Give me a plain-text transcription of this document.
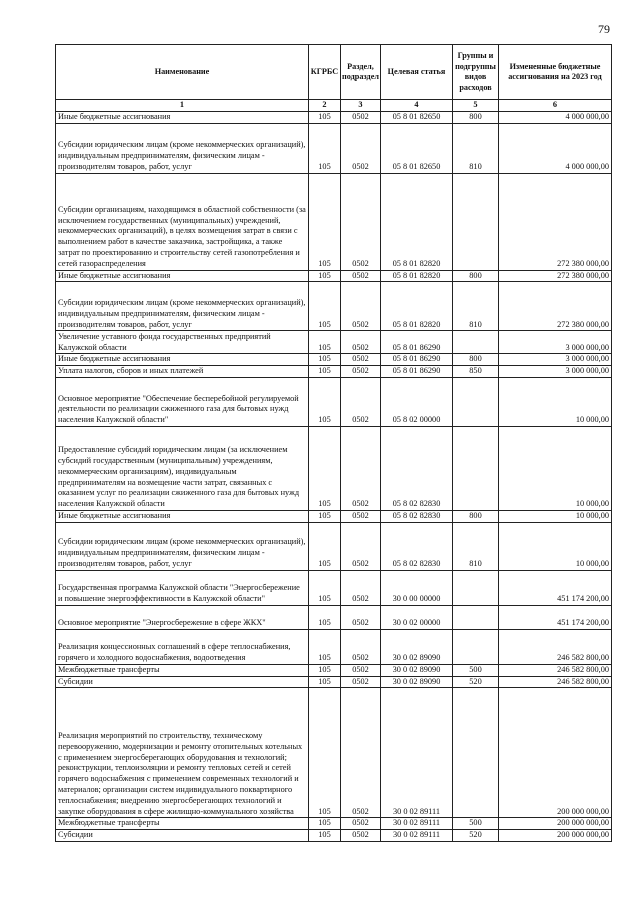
79
Наименование	КГРБС	Раздел, подраздел	Целевая статья	Группы и подгруппы видов расходов	Измененные бюджетные ассигнования на 2023 год
1	2	3	4	5	6
Иные бюджетные ассигнования	105	0502	05 8 01 82650	800	4 000 000,00
Субсидии юридическим лицам (кроме некоммерческих организаций), индивидуальным предпринимателям, физическим лицам - производителям товаров, работ, услуг	105	0502	05 8 01 82650	810	4 000 000,00
Субсидии организациям, находящимся в областной собственности (за исключением государственных (муниципальных) учреждений, некоммерческих организаций), в целях возмещения затрат в связи с выполнением работ в качестве заказчика, застройщика, а также затрат по проектированию и строительству сетей газопотребления и сетей газораспределения	105	0502	05 8 01 82820		272 380 000,00
Иные бюджетные ассигнования	105	0502	05 8 01 82820	800	272 380 000,00
Субсидии юридическим лицам (кроме некоммерческих организаций), индивидуальным предпринимателям, физическим лицам - производителям товаров, работ, услуг	105	0502	05 8 01 82820	810	272 380 000,00
Увеличение уставного фонда государственных предприятий Калужской области	105	0502	05 8 01 86290		3 000 000,00
Иные бюджетные ассигнования	105	0502	05 8 01 86290	800	3 000 000,00
Уплата налогов, сборов и иных платежей	105	0502	05 8 01 86290	850	3 000 000,00
Основное мероприятие "Обеспечение бесперебойной регулируемой деятельности по реализации сжиженного газа для бытовых нужд населения Калужской области"	105	0502	05 8 02 00000		10 000,00
Предоставление субсидий юридическим лицам (за исключением субсидий государственным (муниципальным) учреждениям, некоммерческим организациям), индивидуальным предпринимателям на возмещение части затрат, связанных с оказанием услуг по реализации сжиженного газа для бытовых нужд населения Калужской области	105	0502	05 8 02 82830		10 000,00
Иные бюджетные ассигнования	105	0502	05 8 02 82830	800	10 000,00
Субсидии юридическим лицам (кроме некоммерческих организаций), индивидуальным предпринимателям, физическим лицам - производителям товаров, работ, услуг	105	0502	05 8 02 82830	810	10 000,00
Государственная программа Калужской области "Энергосбережение и повышение энергоэффективности в Калужской области"	105	0502	30 0 00 00000		451 174 200,00
Основное мероприятие "Энергосбережение в сфере ЖКХ"	105	0502	30 0 02 00000		451 174 200,00
Реализация концессионных соглашений в сфере теплоснабжения, горячего и холодного водоснабжения, водоотведения	105	0502	30 0 02 89090		246 582 800,00
Межбюджетные трансферты	105	0502	30 0 02 89090	500	246 582 800,00
Субсидии	105	0502	30 0 02 89090	520	246 582 800,00
Реализация мероприятий по строительству, техническому перевооружению, модернизации и ремонту отопительных котельных с применением энергосберегающих оборудования и технологий; реконструкции, теплоизоляции и ремонту тепловых сетей и сетей горячего водоснабжения с применением современных технологий и материалов; организации систем индивидуального поквартирного теплоснабжения; внедрению энергосберегающих технологий и закупке оборудования в сфере жилищно-коммунального хозяйства	105	0502	30 0 02 89111		200 000 000,00
Межбюджетные трансферты	105	0502	30 0 02 89111	500	200 000 000,00
Субсидии	105	0502	30 0 02 89111	520	200 000 000,00
